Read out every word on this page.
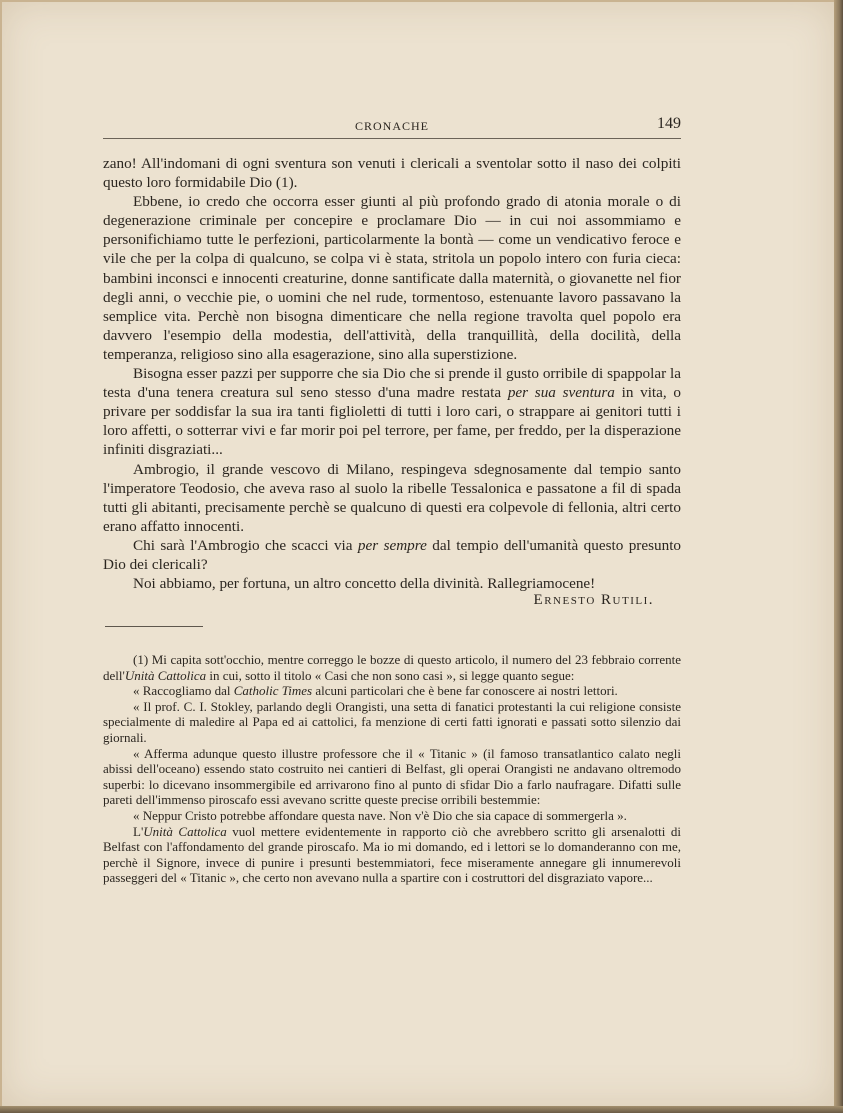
CRONACHE	149

zano! All'indomani di ogni sventura son venuti i clericali a sventolar sotto il naso dei colpiti questo loro formidabile Dio (1).

Ebbene, io credo che occorra esser giunti al più profondo grado di atonia morale o di degenerazione criminale per concepire e proclamare Dio — in cui noi assommiamo e personifichiamo tutte le perfezioni, particolarmente la bontà — come un vendicativo feroce e vile che per la colpa di qualcuno, se colpa vi è stata, stritola un popolo intero con furia cieca: bambini inconsci e innocenti creaturine, donne santificate dalla maternità, o giovanette nel fior degli anni, o vecchie pie, o uomini che nel rude, tormentoso, estenuante lavoro passavano la semplice vita. Perchè non bisogna dimenticare che nella regione travolta quel popolo era davvero l'esempio della modestia, dell'attività, della tranquillità, della docilità, della temperanza, religioso sino alla esagerazione, sino alla superstizione.

Bisogna esser pazzi per supporre che sia Dio che si prende il gusto orribile di spappolar la testa d'una tenera creatura sul seno stesso d'una madre restata per sua sventura in vita, o privare per soddisfar la sua ira tanti figlioletti di tutti i loro cari, o strappare ai genitori tutti i loro affetti, o sotterrar vivi e far morir poi pel terrore, per fame, per freddo, per la disperazione infiniti disgraziati...

Ambrogio, il grande vescovo di Milano, respingeva sdegnosamente dal tempio santo l'imperatore Teodosio, che aveva raso al suolo la ribelle Tessalonica e passatone a fil di spada tutti gli abitanti, precisamente perchè se qualcuno di questi era colpevole di fellonia, altri certo erano affatto innocenti.

Chi sarà l'Ambrogio che scacci via per sempre dal tempio dell'umanità questo presunto Dio dei clericali?

Noi abbiamo, per fortuna, un altro concetto della divinità. Rallegriamocene!

Ernesto Rutili.

(1) Mi capita sott'occhio, mentre correggo le bozze di questo articolo, il numero del 23 febbraio corrente dell'Unità Cattolica in cui, sotto il titolo « Casi che non sono casi », si legge quanto segue:

« Raccogliamo dal Catholic Times alcuni particolari che è bene far conoscere ai nostri lettori.

« Il prof. C. I. Stokley, parlando degli Orangisti, una setta di fanatici protestanti la cui religione consiste specialmente di maledire al Papa ed ai cattolici, fa menzione di certi fatti ignorati e passati sotto silenzio dai giornali.

« Afferma adunque questo illustre professore che il « Titanic » (il famoso transatlantico calato negli abissi dell'oceano) essendo stato costruito nei cantieri di Belfast, gli operai Orangisti ne andavano oltremodo superbi: lo dicevano insommergibile ed arrivarono fino al punto di sfidar Dio a farlo naufragare. Difatti sulle pareti dell'immenso piroscafo essi avevano scritte queste precise orribili bestemmie:

« Neppur Cristo potrebbe affondare questa nave. Non v'è Dio che sia capace di sommergerla ».

L'Unità Cattolica vuol mettere evidentemente in rapporto ciò che avrebbero scritto gli arsenalotti di Belfast con l'affondamento del grande piroscafo. Ma io mi domando, ed i lettori se lo domanderanno con me, perchè il Signore, invece di punire i presunti bestemmiatori, fece miseramente annegare gli innumerevoli passeggeri del « Titanic », che certo non avevano nulla a spartire con i costruttori del disgraziato vapore...
